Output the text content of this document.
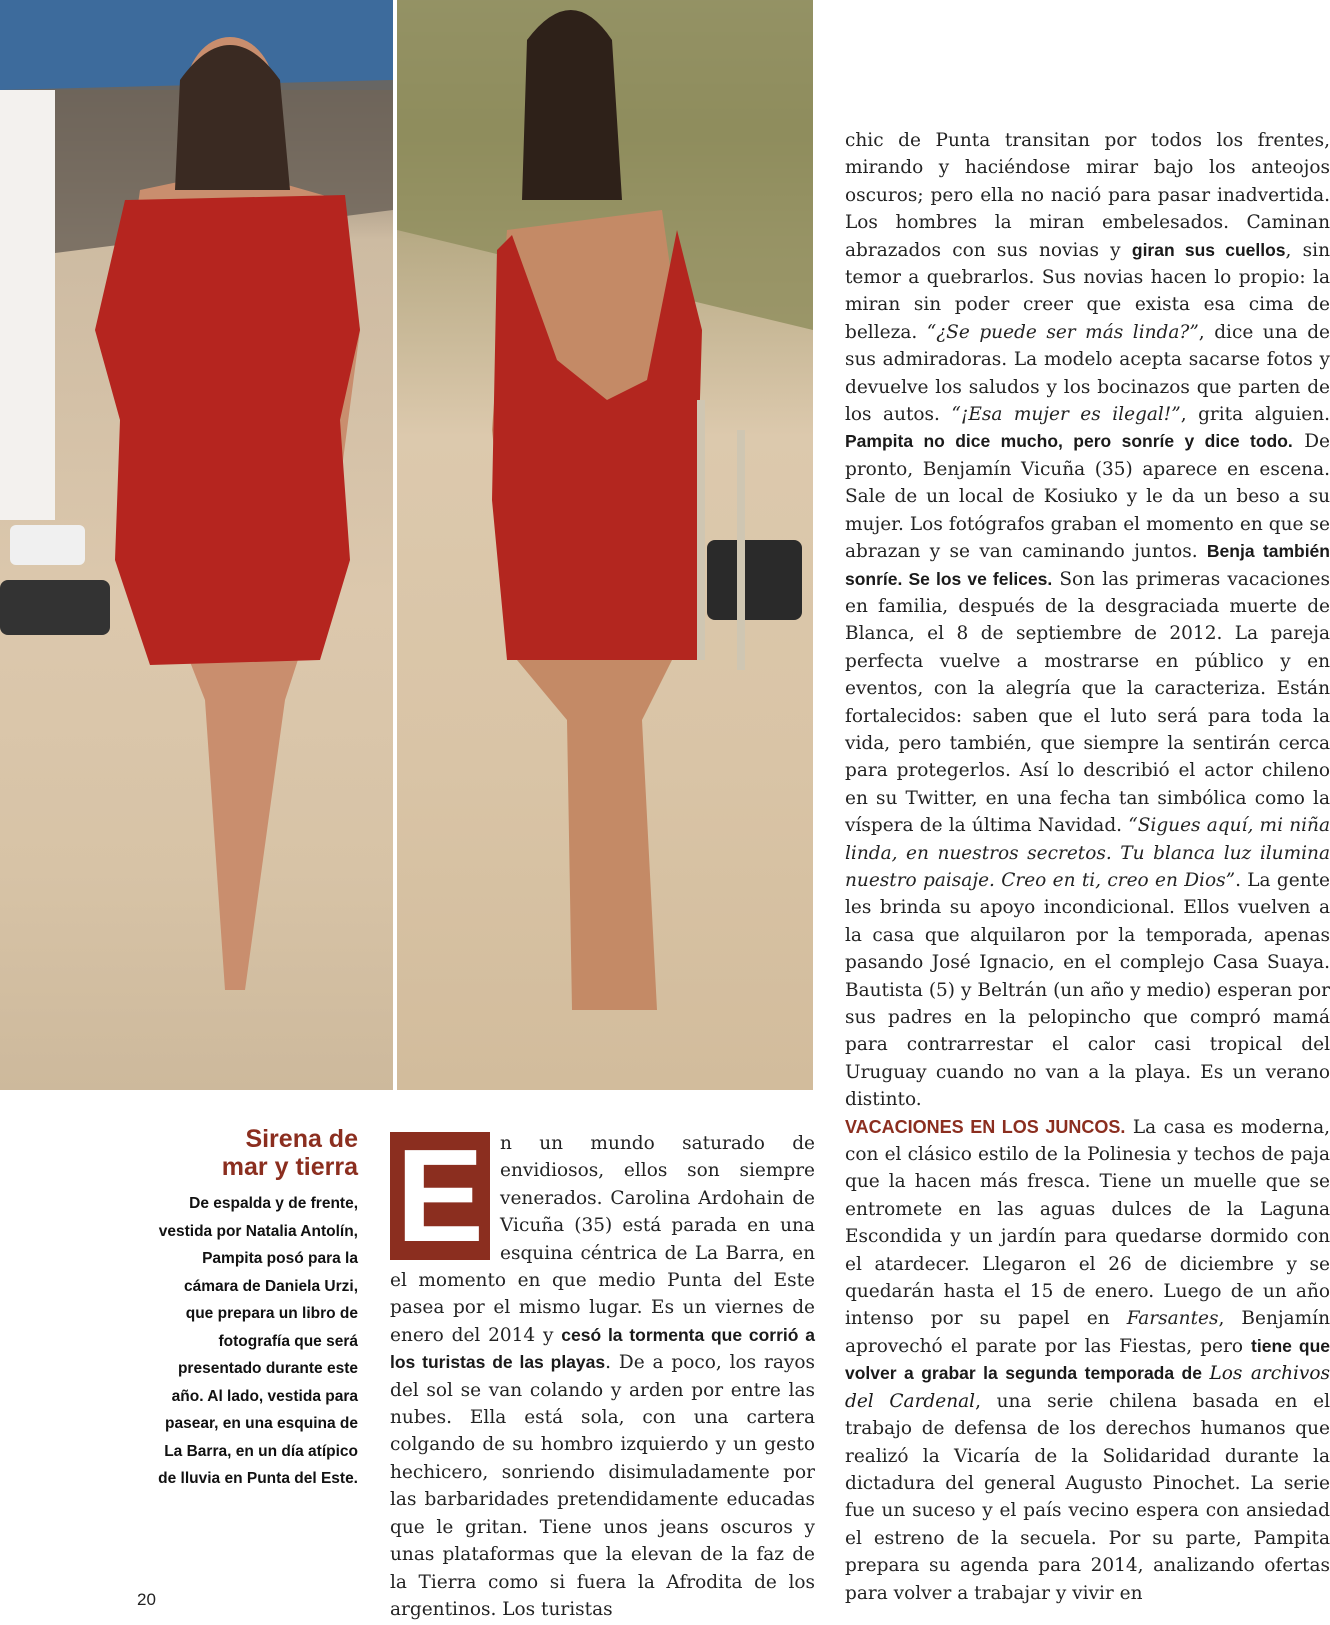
Sirena de
mar y tierra
De espalda y de frente, vestida por Natalia Antolín, Pampita posó para la cámara de Daniela Urzi, que prepara un libro de fotografía que será presentado durante este año. Al lado, vestida para pasear, en una esquina de La Barra, en un día atípico de lluvia en Punta del Este.
E n un mundo saturado de envidiosos, ellos son siempre venerados. Carolina Ardohain de Vicuña (35) está parada en una esquina céntrica de La Barra, en el momento en que medio Punta del Este pasea por el mismo lugar. Es un viernes de enero del 2014 y cesó la tormenta que corrió a los turistas de las playas. De a poco, los rayos del sol se van colando y arden por entre las nubes. Ella está sola, con una cartera colgando de su hombro izquierdo y un gesto hechicero, sonriendo disimuladamente por las barbaridades pretendidamente educadas que le gritan. Tiene unos jeans oscuros y unas plataformas que la elevan de la faz de la Tierra como si fuera la Afrodita de los argentinos. Los turistas
chic de Punta transitan por todos los frentes, mirando y haciéndose mirar bajo los anteojos oscuros; pero ella no nació para pasar inadvertida. Los hombres la miran embelesados. Caminan abrazados con sus novias y giran sus cuellos, sin temor a quebrarlos. Sus novias hacen lo propio: la miran sin poder creer que exista esa cima de belleza. “¿Se puede ser más linda?”, dice una de sus admiradoras. La modelo acepta sacarse fotos y devuelve los saludos y los bocinazos que parten de los autos. “¡Esa mujer es ilegal!”, grita alguien. Pampita no dice mucho, pero sonríe y dice todo. De pronto, Benjamín Vicuña (35) aparece en escena. Sale de un local de Kosiuko y le da un beso a su mujer. Los fotógrafos graban el momento en que se abrazan y se van caminando juntos. Benja también sonríe. Se los ve felices. Son las primeras vacaciones en familia, después de la desgraciada muerte de Blanca, el 8 de septiembre de 2012. La pareja perfecta vuelve a mostrarse en público y en eventos, con la alegría que la caracteriza. Están fortalecidos: saben que el luto será para toda la vida, pero también, que siempre la sentirán cerca para protegerlos. Así lo describió el actor chileno en su Twitter, en una fecha tan simbólica como la víspera de la última Navidad. “Sigues aquí, mi niña linda, en nuestros secretos. Tu blanca luz ilumina nuestro paisaje. Creo en ti, creo en Dios”. La gente les brinda su apoyo incondicional. Ellos vuelven a la casa que alquilaron por la temporada, apenas pasando José Ignacio, en el complejo Casa Suaya. Bautista (5) y Beltrán (un año y medio) esperan por sus padres en la pelopincho que compró mamá para contrarrestar el calor casi tropical del Uruguay cuando no van a la playa. Es un verano distinto.
VACACIONES EN LOS JUNCOS. La casa es moderna, con el clásico estilo de la Polinesia y techos de paja que la hacen más fresca. Tiene un muelle que se entromete en las aguas dulces de la Laguna Escondida y un jardín para quedarse dormido con el atardecer. Llegaron el 26 de diciembre y se quedarán hasta el 15 de enero. Luego de un año intenso por su papel en Farsantes, Benjamín aprovechó el parate por las Fiestas, pero tiene que volver a grabar la segunda temporada de Los archivos del Cardenal, una serie chilena basada en el trabajo de defensa de los derechos humanos que realizó la Vicaría de la Solidaridad durante la dictadura del general Augusto Pinochet. La serie fue un suceso y el país vecino espera con ansiedad el estreno de la secuela. Por su parte, Pampita prepara su agenda para 2014, analizando ofertas para volver a trabajar y vivir en
20
